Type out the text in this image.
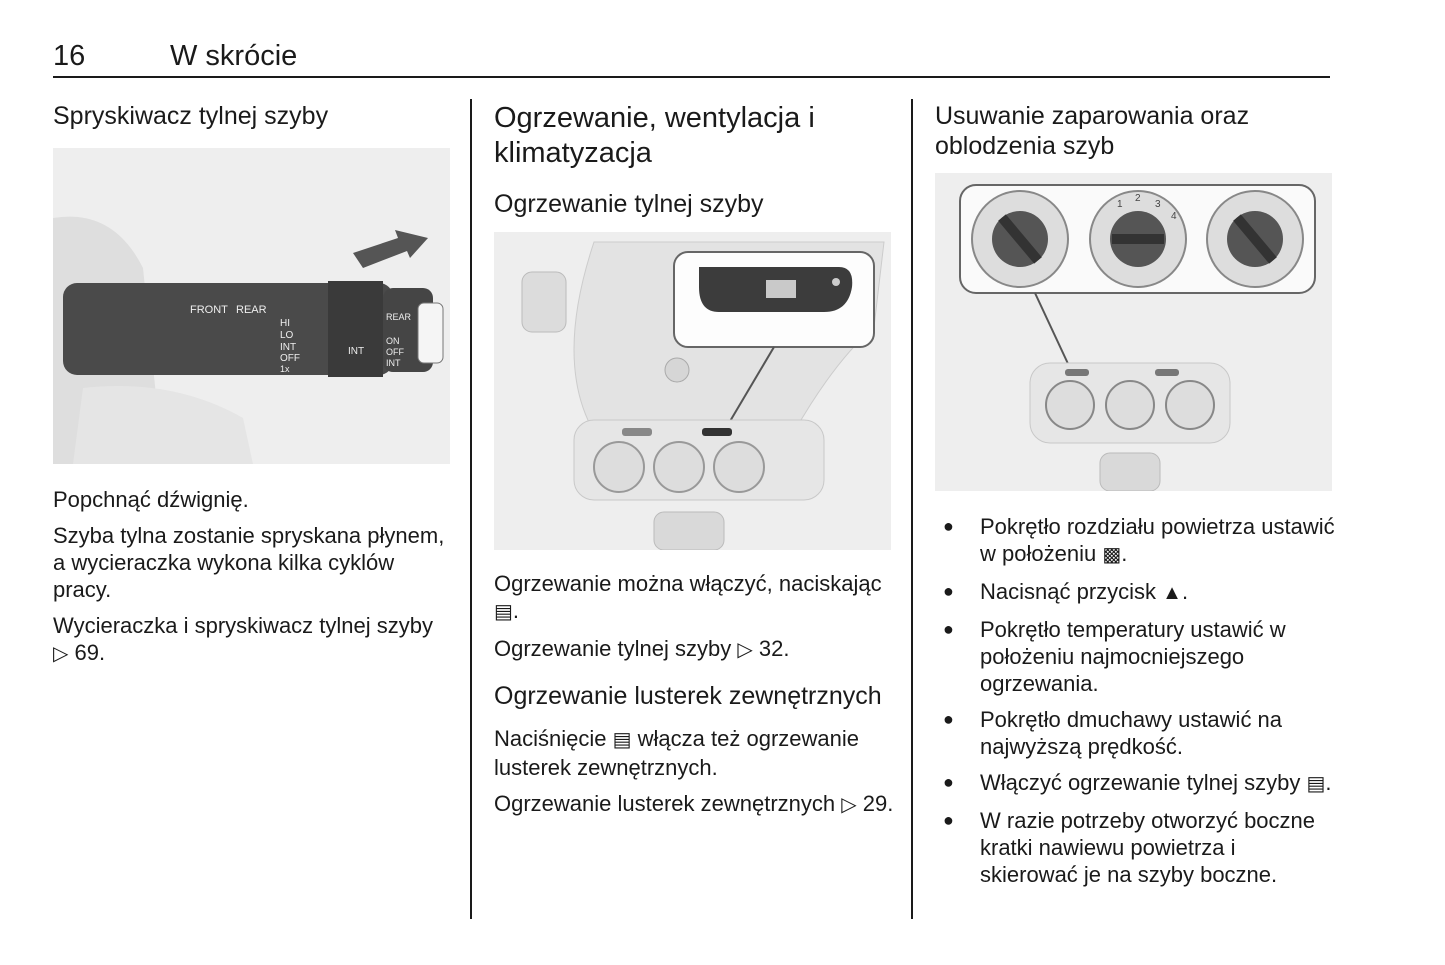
16	W skrócie
Spryskiwacz tylnej szyby
FRONT REAR
HI
LO
INT
OFF
1x
INT
REAR
ON
OFF
INT

Popchnąć dźwignię.

Szyba tylna zostanie spryskana płynem, a wycieraczka wykona kilka cyklów pracy.

Wycieraczka i spryskiwacz tylnej szyby ▷ 69.

Ogrzewanie, wentylacja i klimatyzacja
Ogrzewanie tylnej szyby

Ogrzewanie można włączyć, naciskając ▤.

Ogrzewanie tylnej szyby ▷ 32.

Ogrzewanie lusterek zewnętrznych

Naciśnięcie ▤ włącza też ogrzewanie lusterek zewnętrznych.

Ogrzewanie lusterek zewnętrznych ▷ 29.

Usuwanie zaparowania oraz oblodzenia szyb
1
2
3
4
● Pokrętło rozdziału powietrza ustawić w położeniu ▩.
● Nacisnąć przycisk ▲.
● Pokrętło temperatury ustawić w położeniu najmocniejszego ogrzewania.
● Pokrętło dmuchawy ustawić na najwyższą prędkość.
● Włączyć ogrzewanie tylnej szyby ▤.
● W razie potrzeby otworzyć boczne kratki nawiewu powietrza i skierować je na szyby boczne.
